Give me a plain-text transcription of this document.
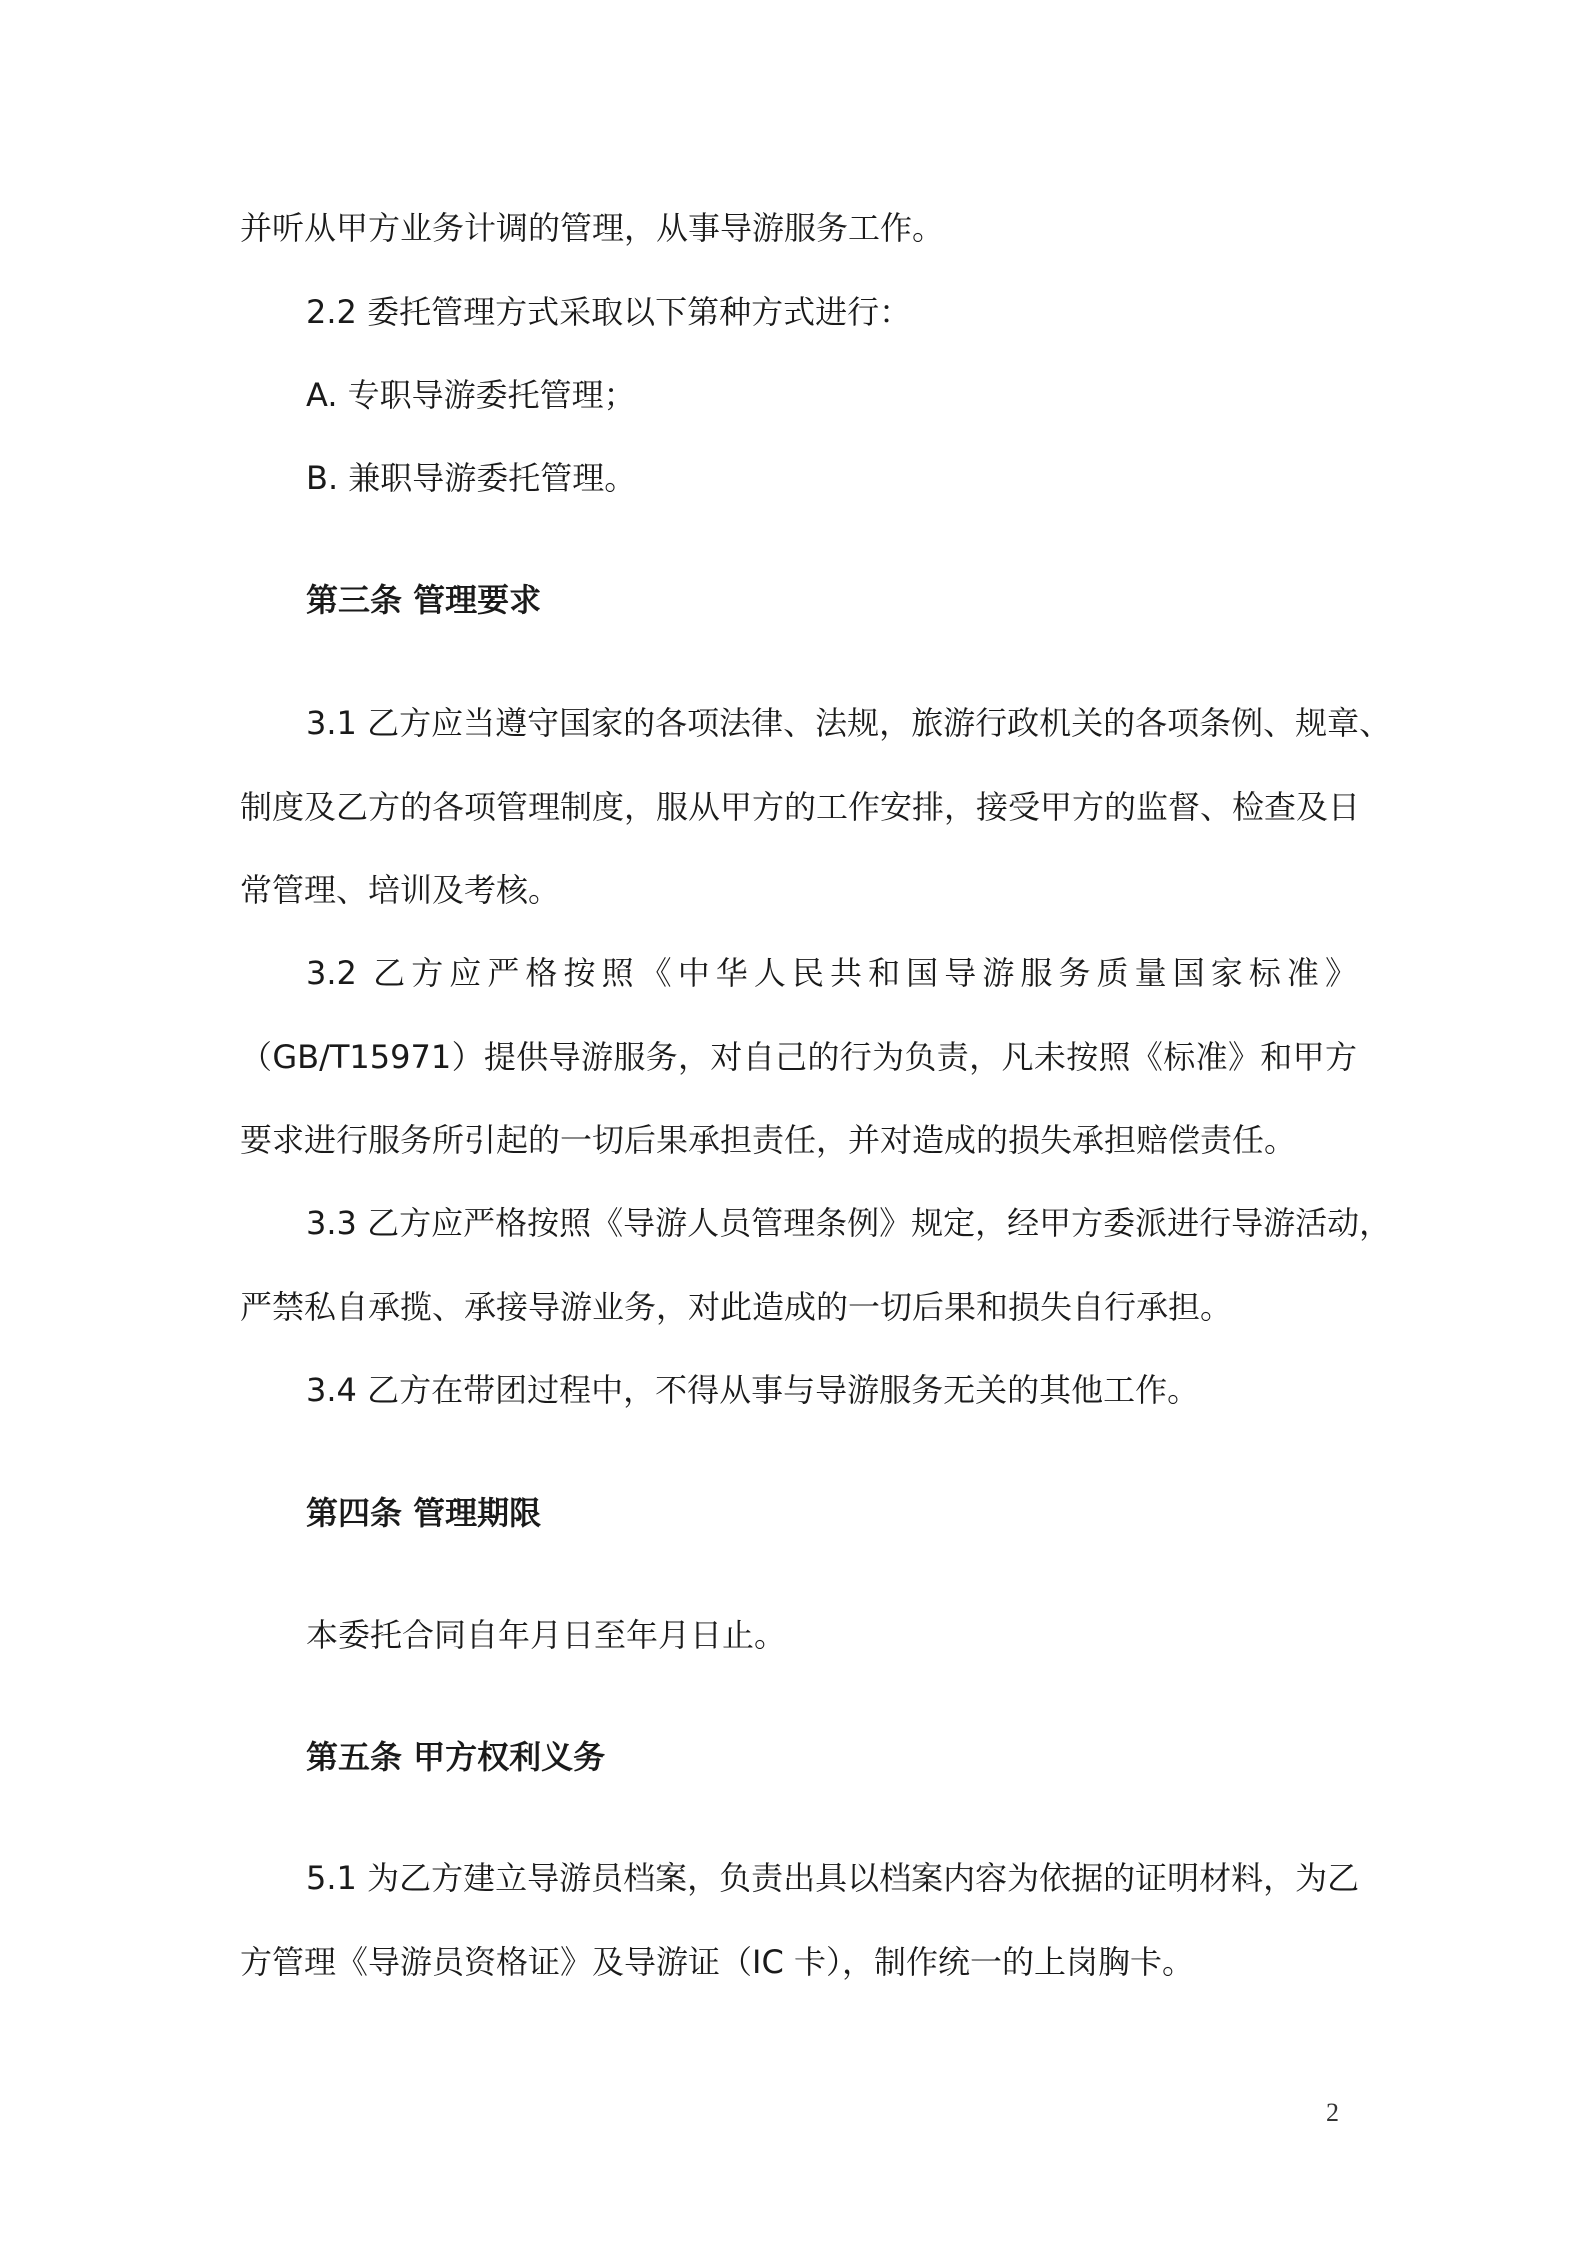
并听从甲方业务计调的管理，从事导游服务工作。
2.2 委托管理方式采取以下第种方式进行：
A. 专职导游委托管理；
B. 兼职导游委托管理。
第三条 管理要求
3.1 乙方应当遵守国家的各项法律、法规，旅游行政机关的各项条例、规章、
制度及乙方的各项管理制度，服从甲方的工作安排，接受甲方的监督、检查及日
常管理、培训及考核。
3.2 乙方应严格按照《中华人民共和国导游服务质量国家标准》
（GB/T15971）提供导游服务，对自己的行为负责，凡未按照《标准》和甲方
要求进行服务所引起的一切后果承担责任，并对造成的损失承担赔偿责任。
3.3 乙方应严格按照《导游人员管理条例》规定，经甲方委派进行导游活动，
严禁私自承揽、承接导游业务，对此造成的一切后果和损失自行承担。
3.4 乙方在带团过程中，不得从事与导游服务无关的其他工作。
第四条 管理期限
本委托合同自年月日至年月日止。
第五条 甲方权利义务
5.1 为乙方建立导游员档案，负责出具以档案内容为依据的证明材料，为乙
方管理《导游员资格证》及导游证（IC 卡），制作统一的上岗胸卡。
2
